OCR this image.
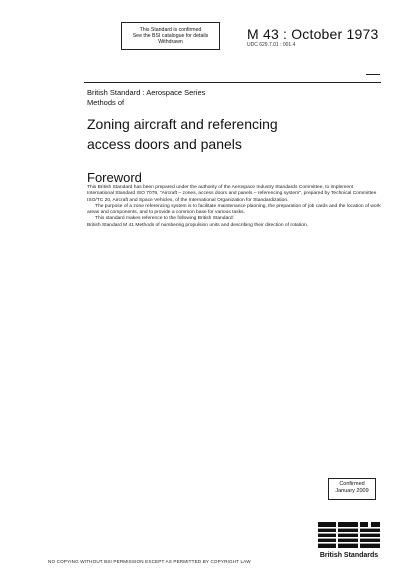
This Standard is confirmed
See the BSI catalogue for details
Withdrawn
M 43 : October 1973
UDC 629.7.01 : 001.4
British Standard : Aerospace Series
Methods of
Zoning aircraft and referencing
access doors and panels
Foreword

This British Standard has been prepared under the authority of the Aerospace Industry Standards Committee, to implement International Standard ISO 7079, "Aircraft – zones, access doors and panels – referencing system", prepared by Technical Committee ISO/TC 20, Aircraft and Space Vehicles, of the International Organization for Standardization.

The purpose of a zone referencing system is to facilitate maintenance planning, the preparation of job cards and the location of work areas and components, and to provide a common base for various tasks.

This standard makes reference to the following British Standard:

British Standard M 41 Methods of numbering propulsion units and describing their direction of rotation.

Confirmed
January 2009
British Standards
NO COPYING WITHOUT BSI PERMISSION EXCEPT AS PERMITTED BY COPYRIGHT LAW
